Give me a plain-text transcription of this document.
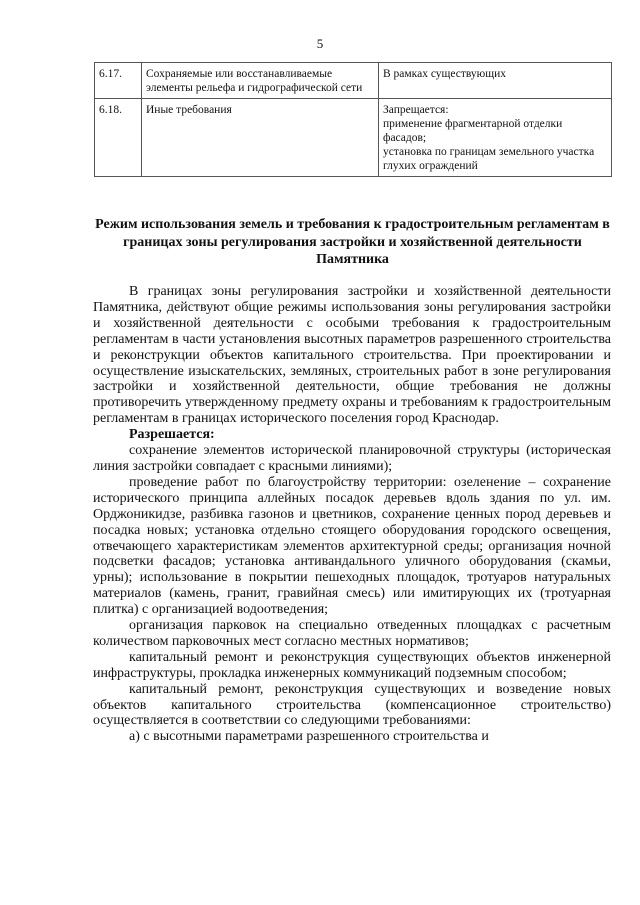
5
6.17.	Сохраняемые или восстанавливаемые элементы рельефа и гидрографической сети	В рамках существующих

6.18.	Иные требования	Запрещается:
применение фрагментарной отделки фасадов;
установка по границам земельного участка глухих ограждений
Режим использования земель и требования к градостроительным регламентам в границах зоны регулирования застройки и хозяйственной деятельности Памятника

В границах зоны регулирования застройки и хозяйственной деятельности Памятника, действуют общие режимы использования зоны регулирования застройки и хозяйственной деятельности с особыми требования к градостроительным регламентам в части установления высотных параметров разрешенного строительства и реконструкции объектов капитального строительства. При проектировании и осуществление изыскательских, земляных, строительных работ в зоне регулирования застройки и хозяйственной деятельности, общие требования не должны противоречить утвержденному предмету охраны и требованиям к градостроительным регламентам в границах исторического поселения город Краснодар.

Разрешается:

сохранение элементов исторической планировочной структуры (историческая линия застройки совпадает с красными линиями);

проведение работ по благоустройству территории: озеленение – сохранение исторического принципа аллейных посадок деревьев вдоль здания по ул. им. Орджоникидзе, разбивка газонов и цветников, сохранение ценных пород деревьев и посадка новых; установка отдельно стоящего оборудования городского освещения, отвечающего характеристикам элементов архитектурной среды; организация ночной подсветки фасадов; установка антивандального уличного оборудования (скамьи, урны); использование в покрытии пешеходных площадок, тротуаров натуральных материалов (камень, гранит, гравийная смесь) или имитирующих их (тротуарная плитка) с организацией водоотведения;

организация парковок на специально отведенных площадках с расчетным количеством парковочных мест согласно местных нормативов;

капитальный ремонт и реконструкция существующих объектов инженерной инфраструктуры, прокладка инженерных коммуникаций подземным способом;

капитальный ремонт, реконструкция существующих и возведение новых объектов капитального строительства (компенсационное строительство) осуществляется в соответствии со следующими требованиями:

а) с высотными параметрами разрешенного строительства и
